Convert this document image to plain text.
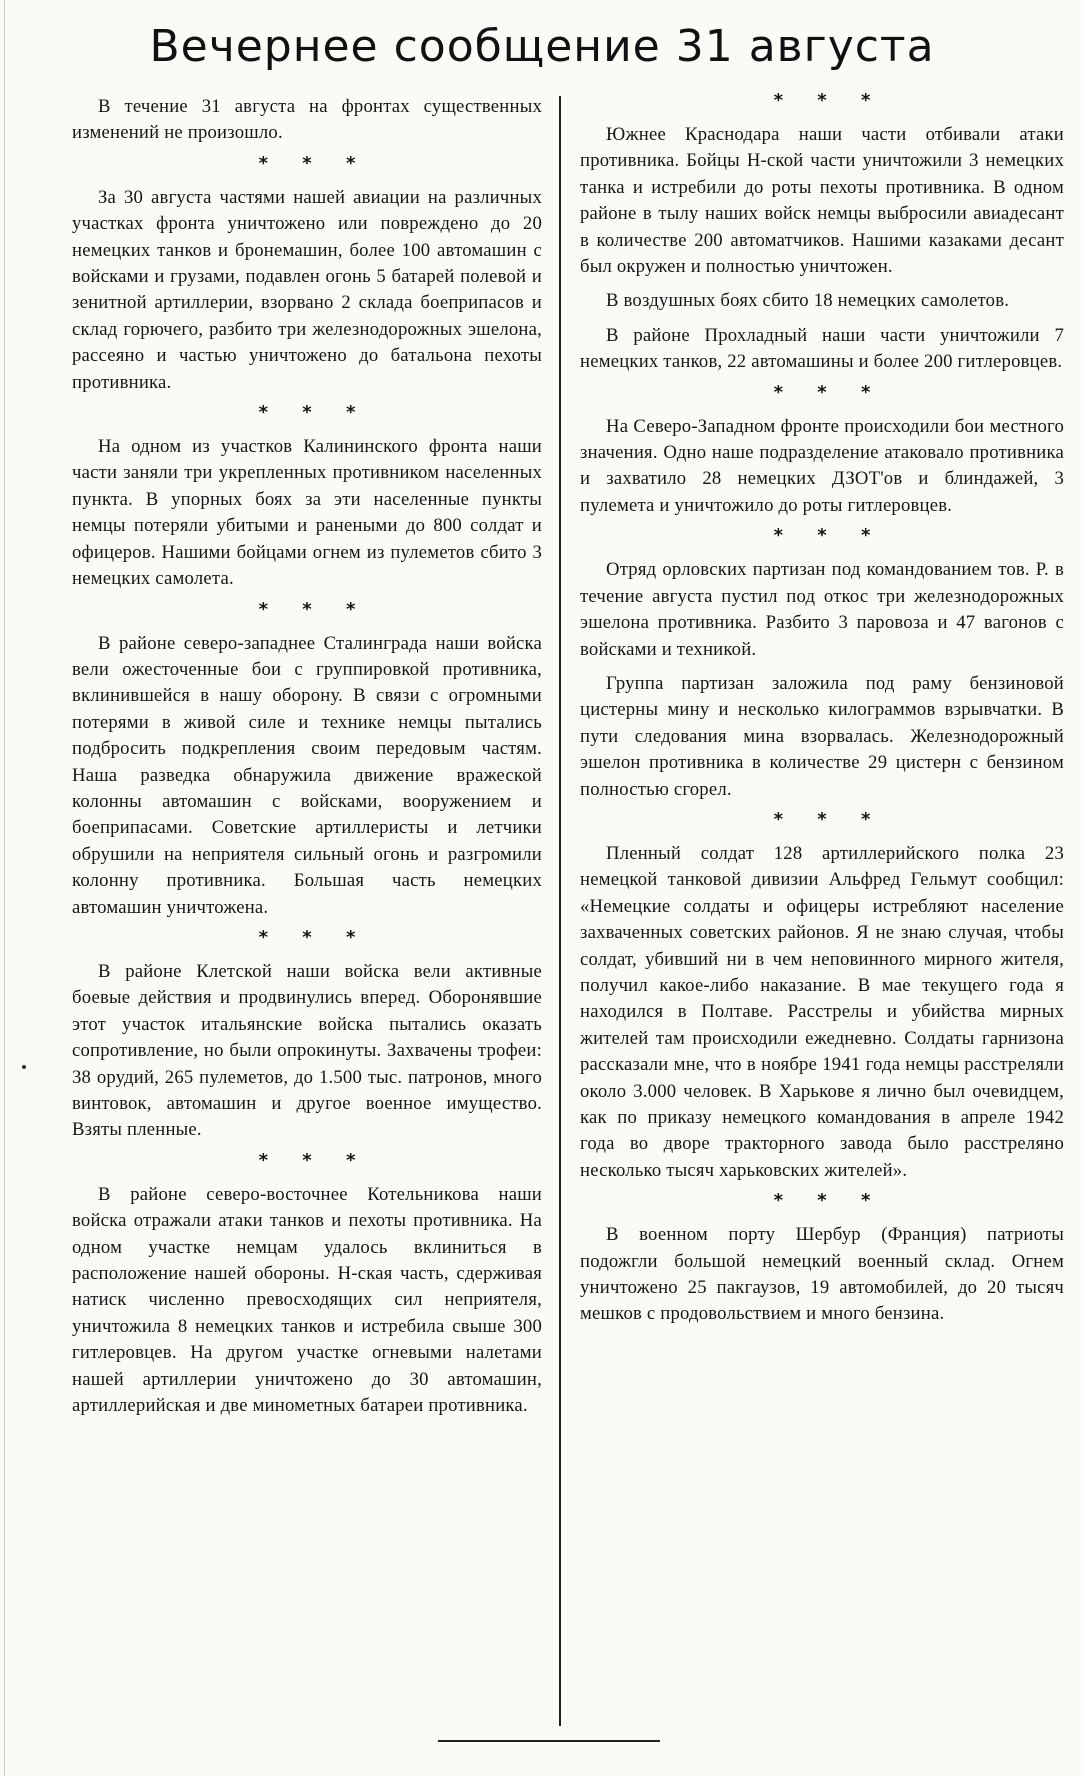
Вечернее сообщение 31 августа

В течение 31 августа на фронтах существенных изменений не произошло.

* * *

За 30 августа частями нашей авиации на различных участках фронта уничтожено или повреждено до 20 немецких танков и бронемашин, более 100 автомашин с войсками и грузами, подавлен огонь 5 батарей полевой и зенитной артиллерии, взорвано 2 склада боеприпасов и склад горючего, разбито три железнодорожных эшелона, рассеяно и частью уничтожено до батальона пехоты противника.

* * *

На одном из участков Калининского фронта наши части заняли три укрепленных противником населенных пункта. В упорных боях за эти населенные пункты немцы потеряли убитыми и ранеными до 800 солдат и офицеров. Нашими бойцами огнем из пулеметов сбито 3 немецких самолета.

* * *

В районе северо-западнее Сталинграда наши войска вели ожесточенные бои с группировкой противника, вклинившейся в нашу оборону. В связи с огромными потерями в живой силе и технике немцы пытались подбросить подкрепления своим передовым частям. Наша разведка обнаружила движение вражеской колонны автомашин с войсками, вооружением и боеприпасами. Советские артиллеристы и летчики обрушили на неприятеля сильный огонь и разгромили колонну противника. Большая часть немецких автомашин уничтожена.

* * *

В районе Клетской наши войска вели активные боевые действия и продвинулись вперед. Оборонявшие этот участок итальянские войска пытались оказать сопротивление, но были опрокинуты. Захвачены трофеи: 38 орудий, 265 пулеметов, до 1.500 тыс. патронов, много винтовок, автомашин и другое военное имущество. Взяты пленные.

* * *

В районе северо-восточнее Котельникова наши войска отражали атаки танков и пехоты противника. На одном участке немцам удалось вклиниться в расположение нашей обороны. Н-ская часть, сдерживая натиск численно превосходящих сил неприятеля, уничтожила 8 немецких танков и истребила свыше 300 гитлеровцев. На другом участке огневыми налетами нашей артиллерии уничтожено до 30 автомашин, артиллерийская и две минометных батареи противника.

* * *

Южнее Краснодара наши части отбивали атаки противника. Бойцы Н-ской части уничтожили 3 немецких танка и истребили до роты пехоты противника. В одном районе в тылу наших войск немцы выбросили авиадесант в количестве 200 автоматчиков. Нашими казаками десант был окружен и полностью уничтожен.

В воздушных боях сбито 18 немецких самолетов.

В районе Прохладный наши части уничтожили 7 немецких танков, 22 автомашины и более 200 гитлеровцев.

* * *

На Северо-Западном фронте происходили бои местного значения. Одно наше подразделение атаковало противника и захватило 28 немецких ДЗОТ'ов и блиндажей, 3 пулемета и уничтожило до роты гитлеровцев.

* * *

Отряд орловских партизан под командованием тов. Р. в течение августа пустил под откос три железнодорожных эшелона противника. Разбито 3 паровоза и 47 вагонов с войсками и техникой.

Группа партизан заложила под раму бензиновой цистерны мину и несколько килограммов взрывчатки. В пути следования мина взорвалась. Железнодорожный эшелон противника в количестве 29 цистерн с бензином полностью сгорел.

* * *

Пленный солдат 128 артиллерийского полка 23 немецкой танковой дивизии Альфред Гельмут сообщил: «Немецкие солдаты и офицеры истребляют население захваченных советских районов. Я не знаю случая, чтобы солдат, убивший ни в чем неповинного мирного жителя, получил какое-либо наказание. В мае текущего года я находился в Полтаве. Расстрелы и убийства мирных жителей там происходили ежедневно. Солдаты гарнизона рассказали мне, что в ноябре 1941 года немцы расстреляли около 3.000 человек. В Харькове я лично был очевидцем, как по приказу немецкого командования в апреле 1942 года во дворе тракторного завода было расстреляно несколько тысяч харьковских жителей».

* * *

В военном порту Шербур (Франция) патриоты подожгли большой немецкий военный склад. Огнем уничтожено 25 пакгаузов, 19 автомобилей, до 20 тысяч мешков с продовольствием и много бензина.
